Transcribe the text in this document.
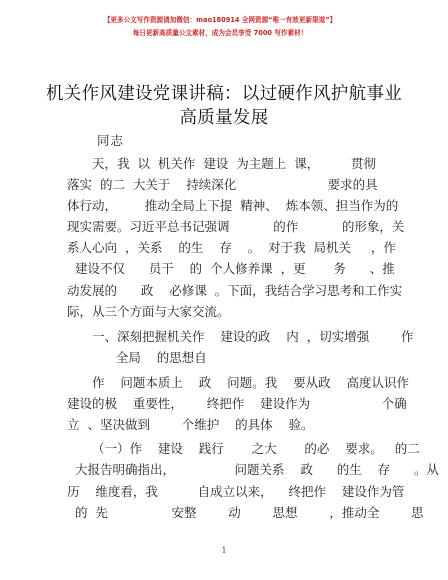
【更多公文写作资源请加微信：mao180914 全网资源“唯一有效更新渠道”】
每日更新高质量公文素材，成为会员享受 7000 写作素材！
机关作风建设党课讲稿：以过硬作风护航事业
高质量发展
同志
天，我  以  机关作  建设  为主题上  课，        贯彻
落实  的二  大关于    持续深化                       要求的具
体行动，       推动全局上下提  精神、  炼本领、担当作为的
现实需要。习近平总书记强调           的作           的形象，关
系人心向  ，关系    的生    存    。  对于我  局机关     ，作
建设不仅      员干    的  个人修养课  ，更       务      、推
动发展的      政    必修课  。下面，我结合学习思考和工作实
际，从三个方面与大家交流。
一、深刻把握机关作    建设的政    内  ，切实增强        作
全局    的思想自
作    问题本质上    政    问题。我    要从政    高度认识作
建设的极    重要性，      终把作    建设作为                  个确
立  、坚决做到        个维护    的具体    验。
（一）作    建设    践行       之大       的必    要求。   的二
大报告明确指出，               问题关系    政      的生    存      。从
历    维度看，我          自成立以来，    终把作    建设作为管
的  先                安整        动        思想        ，推动全        思
1
